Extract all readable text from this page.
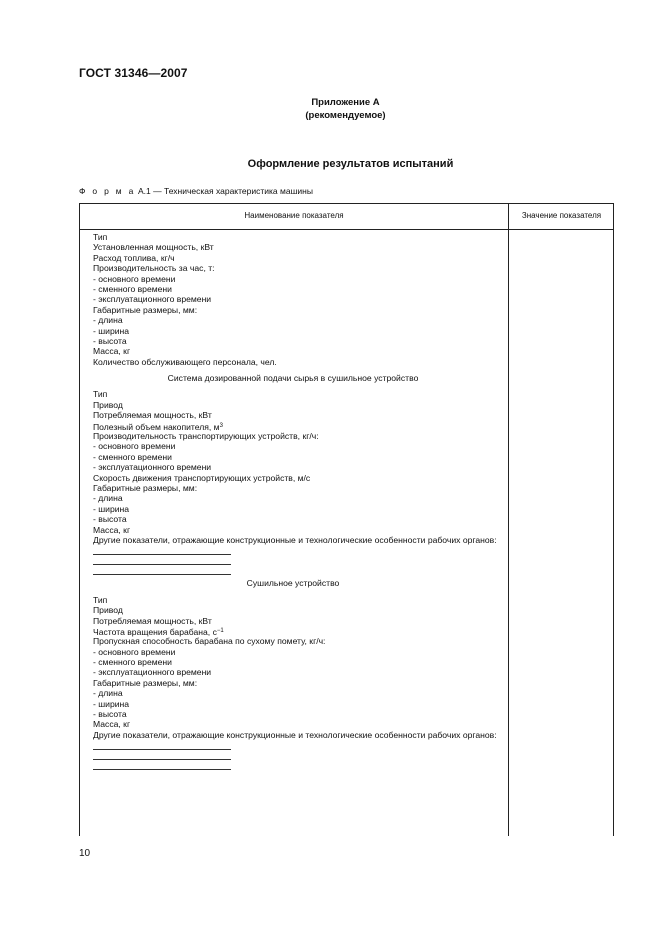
ГОСТ 31346—2007
Приложение А
(рекомендуемое)
Оформление результатов испытаний
Ф о р м а А.1 — Техническая характеристика машины
Наименование показателя	Значение показателя
Тип
Установленная мощность, кВт
Расход топлива, кг/ч
Производительность за час, т:
- основного времени
- сменного времени
- эксплуатационного времени
Габаритные размеры, мм:
- длина
- ширина
- высота
Масса, кг
Количество обслуживающего персонала, чел.
Система дозированной подачи сырья в сушильное устройство
Тип
Привод
Потребляемая мощность, кВт
Полезный объем накопителя, $м^3$
Производительность транспортирующих устройств, кг/ч:
- основного времени
- сменного времени
- эксплуатационного времени
Скорость движения транспортирующих устройств, м/с
Габаритные размеры, мм:
- длина
- ширина
- высота
Масса, кг
Другие показатели, отражающие конструкционные и технологические особенности рабочих органов:
Сушильное устройство
Тип
Привод
Потребляемая мощность, кВт
Частота вращения барабана, $с^{-1}$
Пропускная способность барабана по сухому помету, кг/ч:
- основного времени
- сменного времени
- эксплуатационного времени
Габаритные размеры, мм:
- длина
- ширина
- высота
Масса, кг
Другие показатели, отражающие конструкционные и технологические особенности рабочих органов:
10
